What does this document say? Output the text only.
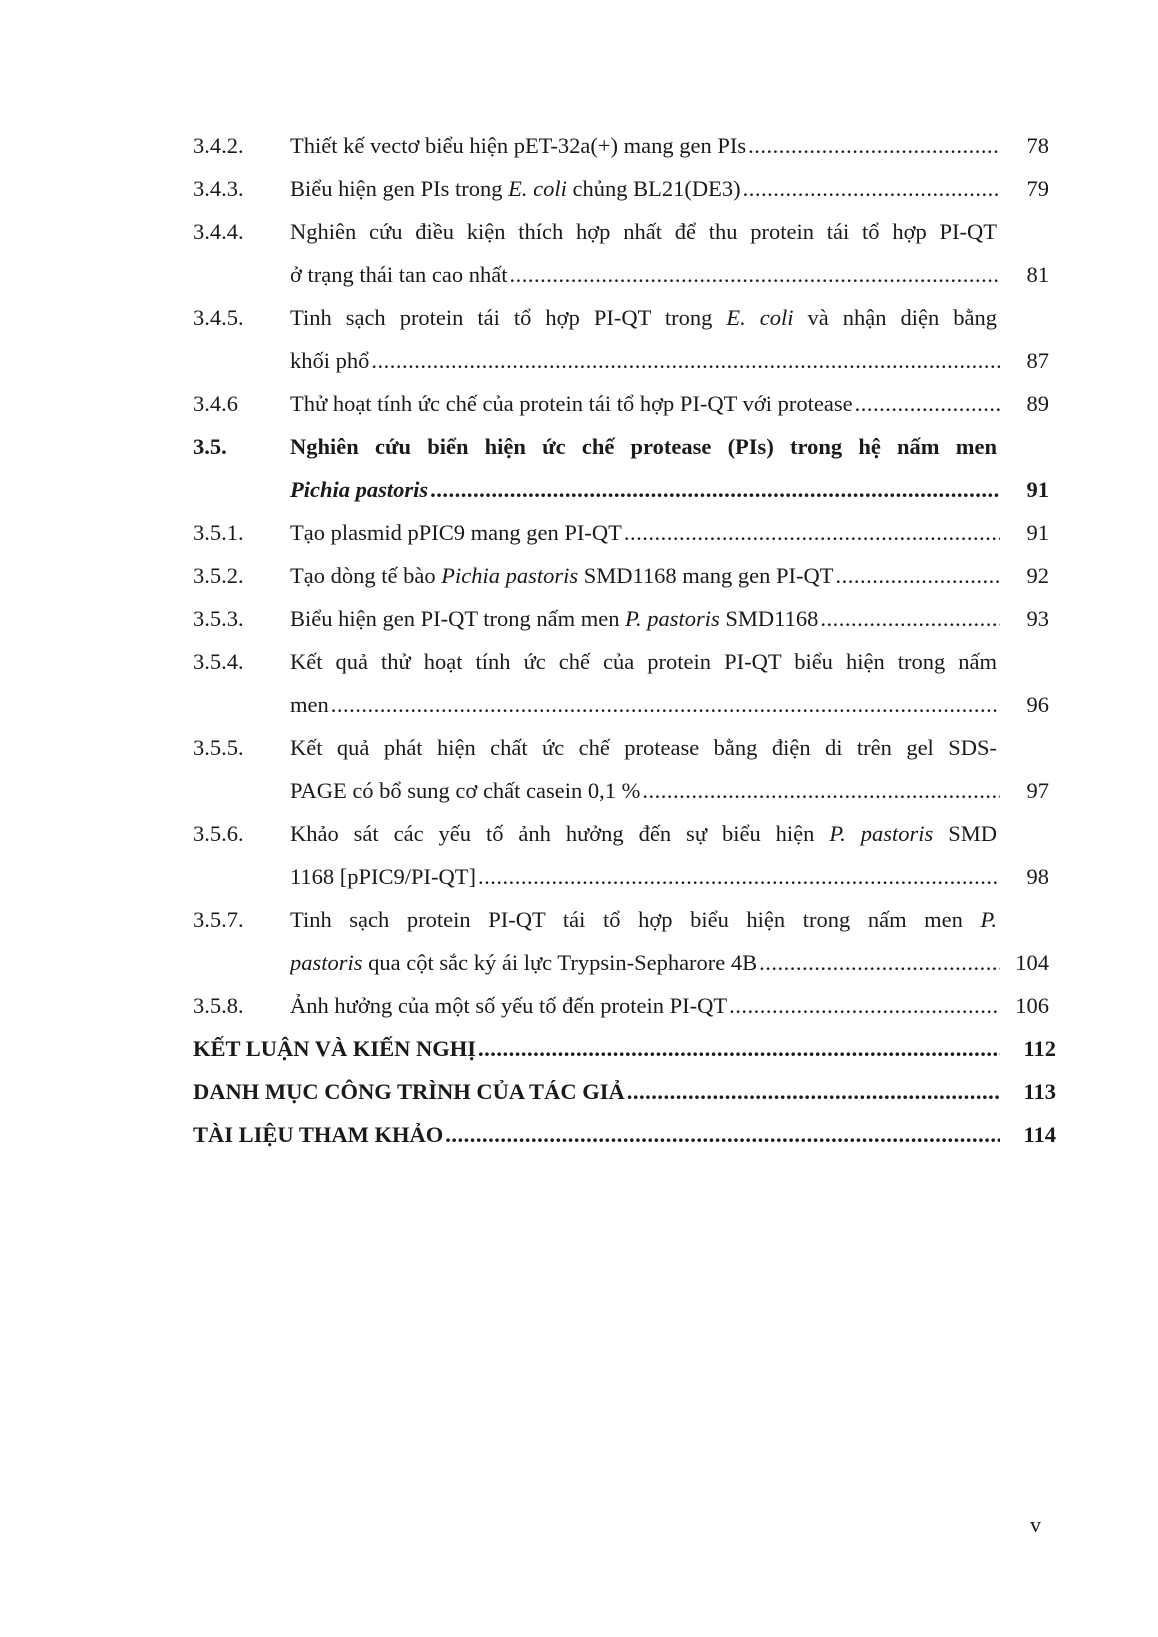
3.4.2. Thiết kế vectơ biểu hiện pET-32a(+) mang gen PIs .....	78
3.4.3. Biểu hiện gen PIs trong E. coli chủng BL21(DE3) .....	79
3.4.4. Nghiên cứu điều kiện thích hợp nhất để thu protein tái tổ hợp PI-QT
ở trạng thái tan cao nhất .....	81
3.4.5. Tinh sạch protein tái tổ hợp PI-QT trong E. coli và nhận diện bằng
khối phổ .....	87
3.4.6 Thử hoạt tính ức chế của protein tái tổ hợp PI-QT với protease .....	89
3.5.	Nghiên cứu biển hiện ức chế protease (PIs) trong hệ nấm men
Pichia pastoris .....	91
3.5.1. Tạo plasmid pPIC9 mang gen PI-QT .....	91
3.5.2. Tạo dòng tế bào Pichia pastoris SMD1168 mang gen PI-QT .....	92
3.5.3. Biểu hiện gen PI-QT trong nấm men P. pastoris SMD1168 .....	93
3.5.4. Kết quả thử hoạt tính ức chế của protein PI-QT biểu hiện trong nấm
men .....	96
3.5.5. Kết quả phát hiện chất ức chế protease bằng điện di trên gel SDS-
PAGE có bổ sung cơ chất casein 0,1 % .....	97
3.5.6. Khảo sát các yếu tố ảnh hưởng đến sự biểu hiện P. pastoris SMD
1168 [pPIC9/PI-QT] .....	98
3.5.7. Tinh sạch protein PI-QT tái tổ hợp biểu hiện trong nấm men P.
pastoris qua cột sắc ký ái lực Trypsin-Sepharore 4B .....	104
3.5.8. Ảnh hưởng của một số yếu tố đến protein PI-QT .....	106
KẾT LUẬN VÀ KIẾN NGHỊ .....	112
DANH MỤC CÔNG TRÌNH CỦA TÁC GIẢ .....	113
TÀI LIỆU THAM KHẢO .....	114
v
